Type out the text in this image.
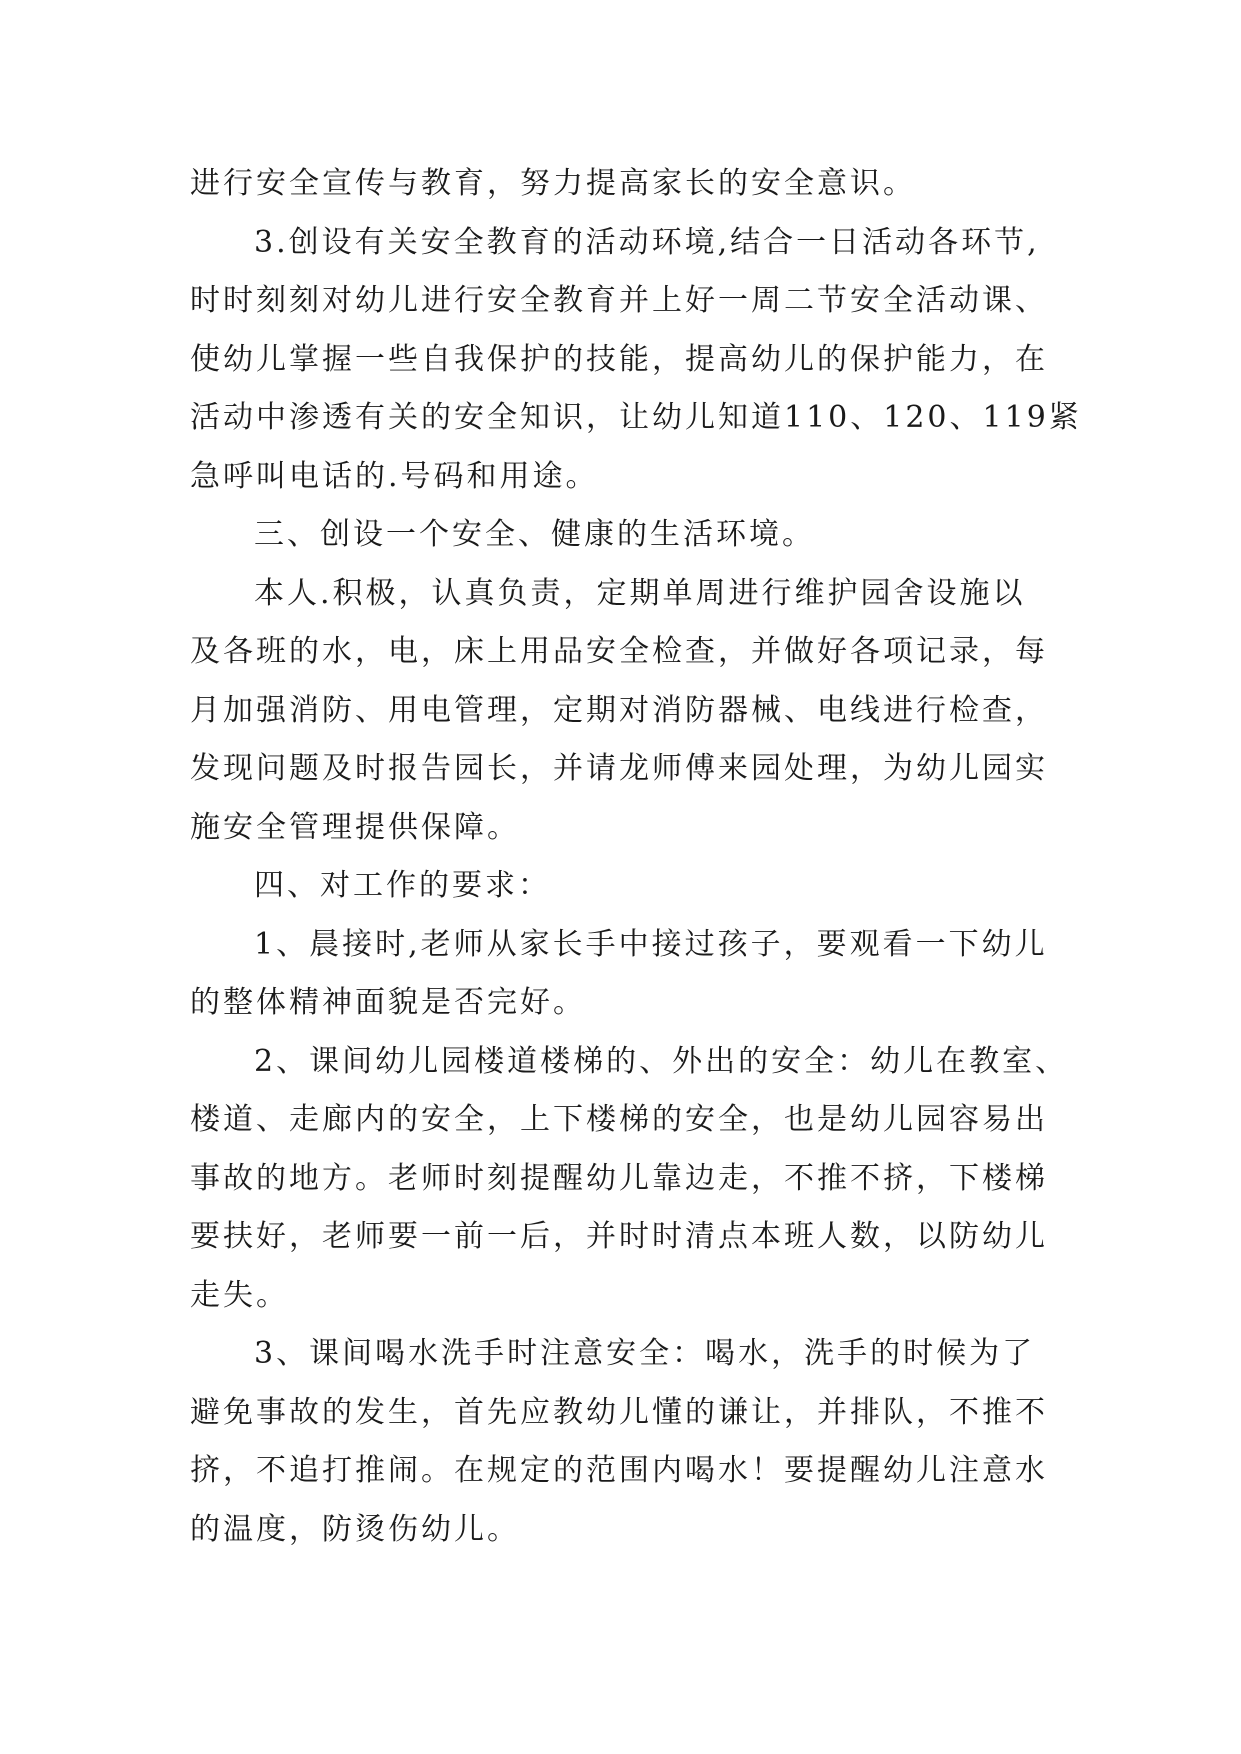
进行安全宣传与教育，努力提高家长的安全意识。
3.创设有关安全教育的活动环境,结合一日活动各环节,
时时刻刻对幼儿进行安全教育并上好一周二节安全活动课、
使幼儿掌握一些自我保护的技能，提高幼儿的保护能力，在
活动中渗透有关的安全知识，让幼儿知道110、120、119紧
急呼叫电话的.号码和用途。
三、创设一个安全、健康的生活环境。
本人.积极，认真负责，定期单周进行维护园舍设施以
及各班的水，电，床上用品安全检查，并做好各项记录，每
月加强消防、用电管理，定期对消防器械、电线进行检查，
发现问题及时报告园长，并请龙师傅来园处理，为幼儿园实
施安全管理提供保障。
四、对工作的要求：
1、晨接时,老师从家长手中接过孩子，要观看一下幼儿
的整体精神面貌是否完好。
2、课间幼儿园楼道楼梯的、外出的安全：幼儿在教室、
楼道、走廊内的安全，上下楼梯的安全，也是幼儿园容易出
事故的地方。老师时刻提醒幼儿靠边走，不推不挤，下楼梯
要扶好，老师要一前一后，并时时清点本班人数，以防幼儿
走失。
3、课间喝水洗手时注意安全：喝水，洗手的时候为了
避免事故的发生，首先应教幼儿懂的谦让，并排队，不推不
挤，不追打推闹。在规定的范围内喝水！要提醒幼儿注意水
的温度，防烫伤幼儿。
